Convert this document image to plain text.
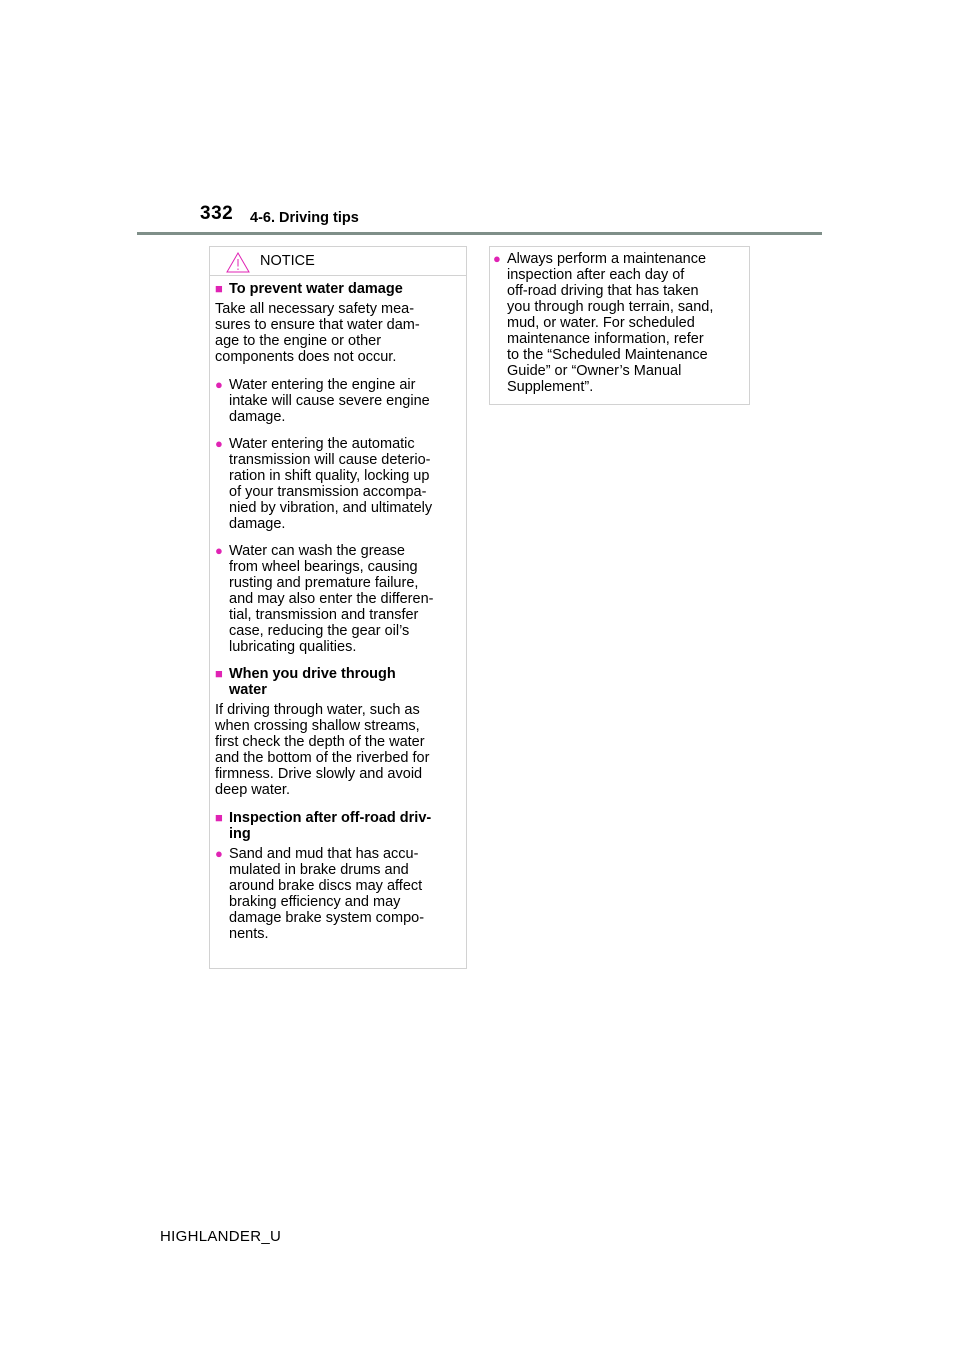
332 4-6. Driving tips
NOTICE
■ To prevent water damage
Take all necessary safety mea-
sures to ensure that water dam-
age to the engine or other
components does not occur.
● Water entering the engine air
intake will cause severe engine
damage.
● Water entering the automatic
transmission will cause deterio-
ration in shift quality, locking up
of your transmission accompa-
nied by vibration, and ultimately
damage.
● Water can wash the grease
from wheel bearings, causing
rusting and premature failure,
and may also enter the differen-
tial, transmission and transfer
case, reducing the gear oil’s
lubricating qualities.
■ When you drive through
water
If driving through water, such as
when crossing shallow streams,
first check the depth of the water
and the bottom of the riverbed for
firmness. Drive slowly and avoid
deep water.
■ Inspection after off-road driv-
ing
● Sand and mud that has accu-
mulated in brake drums and
around brake discs may affect
braking efficiency and may
damage brake system compo-
nents.
● Always perform a maintenance
inspection after each day of
off-road driving that has taken
you through rough terrain, sand,
mud, or water. For scheduled
maintenance information, refer
to the “Scheduled Maintenance
Guide” or “Owner’s Manual
Supplement”.
HIGHLANDER_U
